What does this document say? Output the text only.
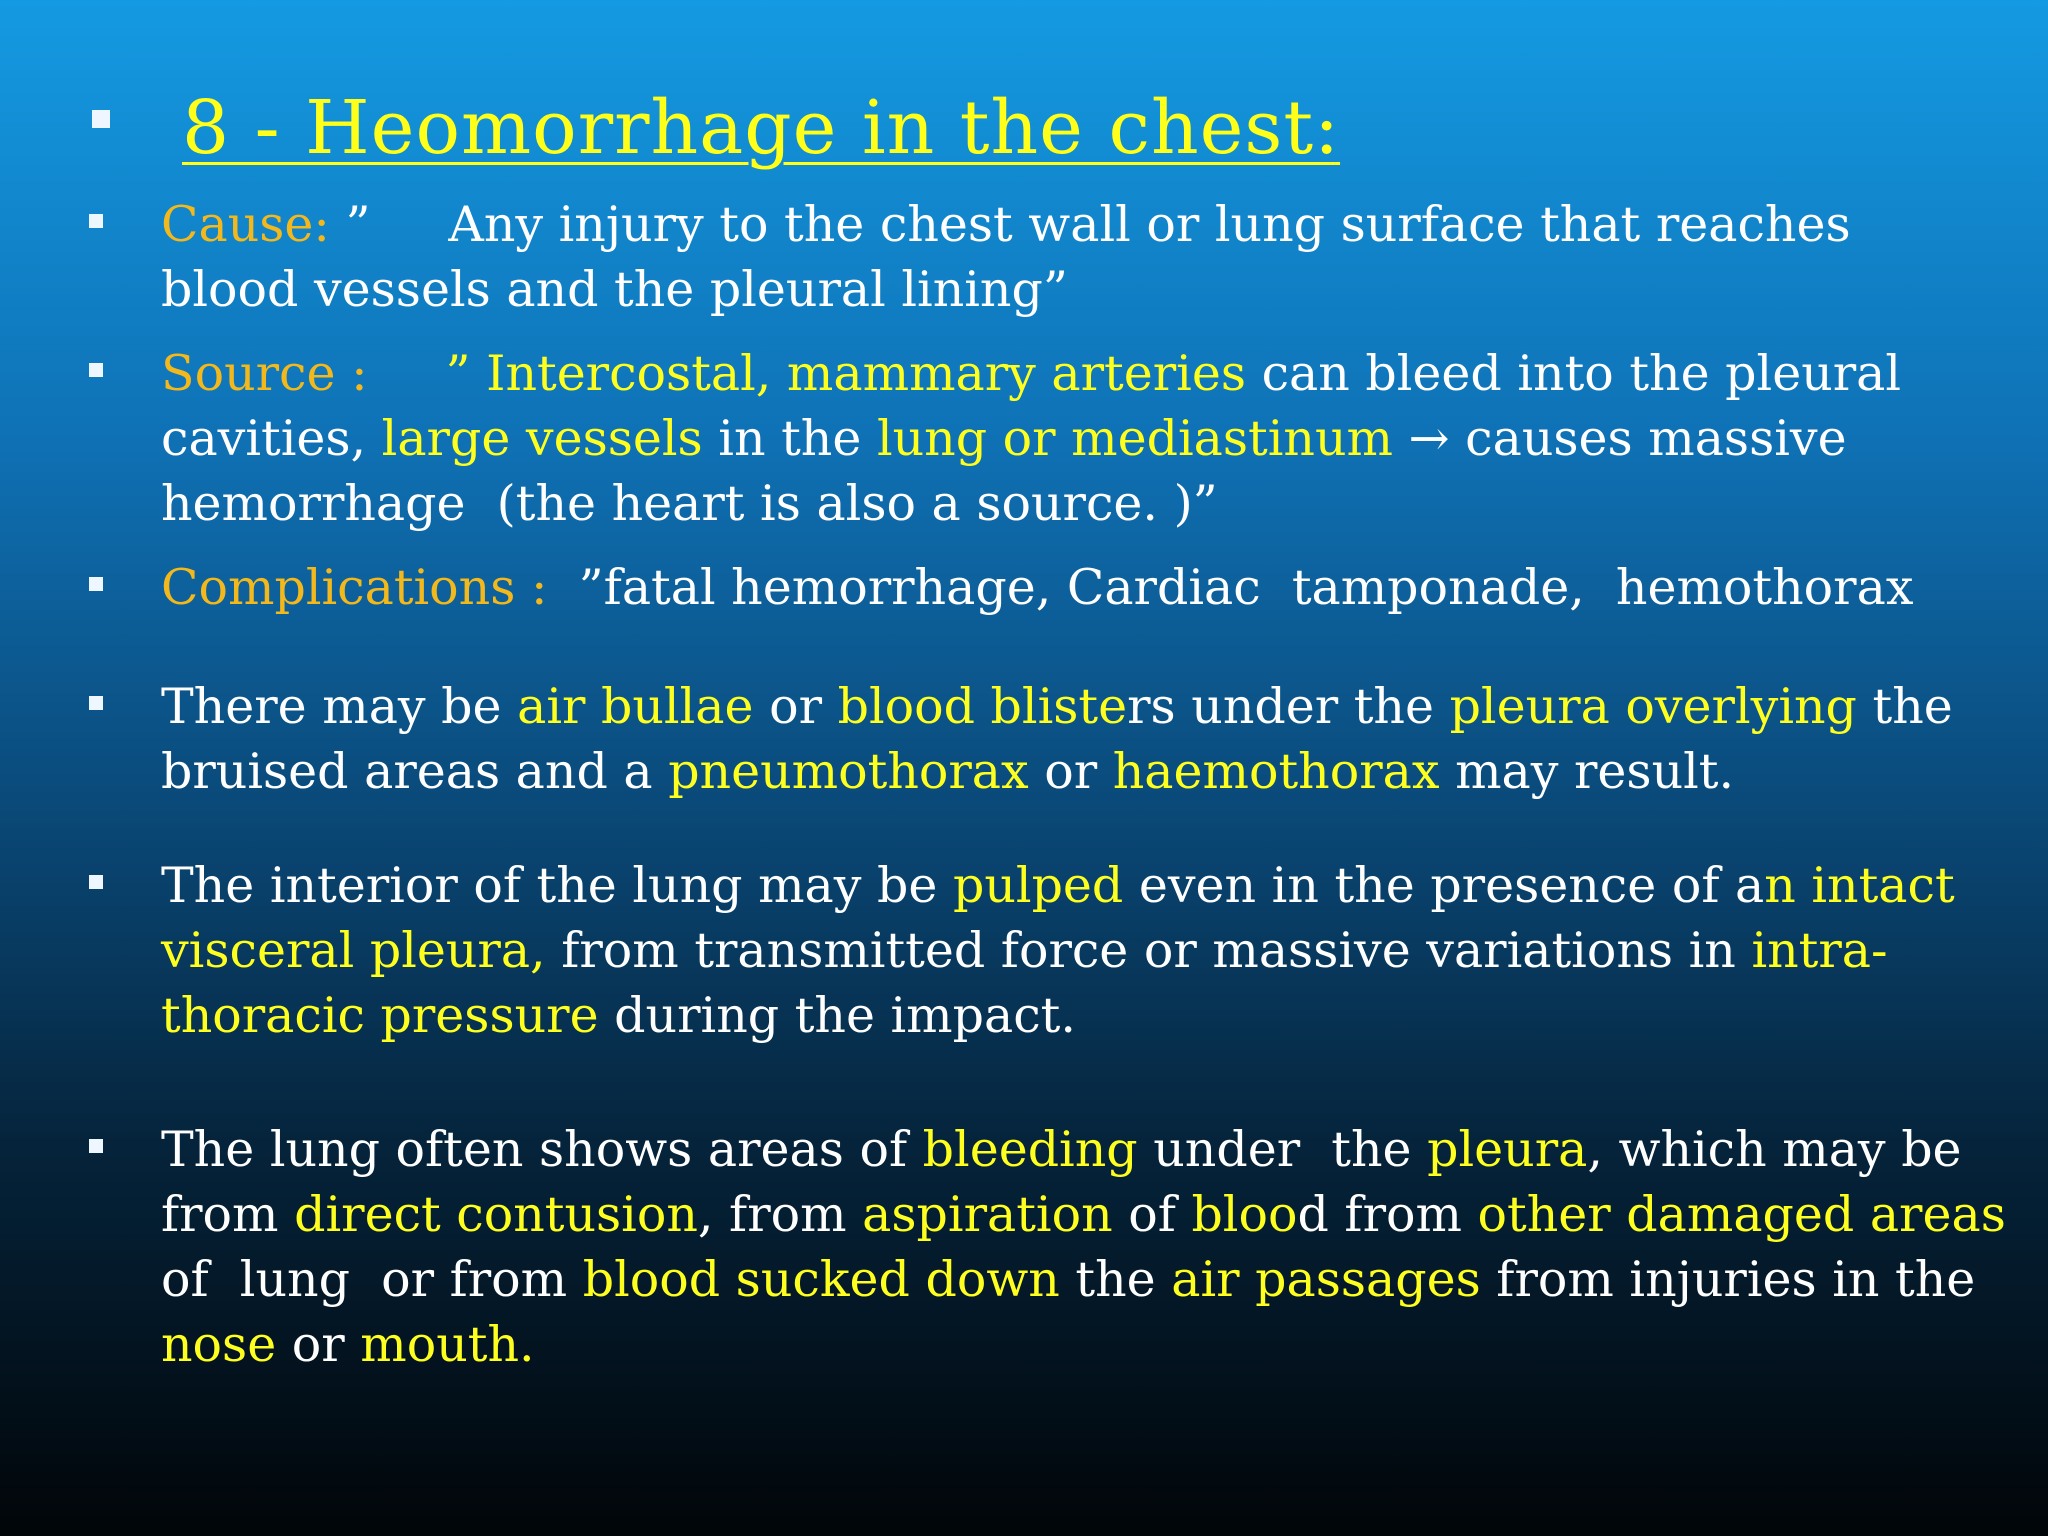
8 - Heomorrhage in the chest:

Cause: ”     Any injury to the chest wall or lung surface that reaches blood vessels and the pleural lining”

Source :     ” Intercostal, mammary arteries can bleed into the pleural cavities, large vessels in the lung or mediastinum → causes massive hemorrhage  (the heart is also a source. )”

Complications :  ”fatal hemorrhage, Cardiac  tamponade,  hemothorax

There may be air bullae or blood blisters under the pleura overlying the bruised areas and a pneumothorax or haemothorax may result.

The interior of the lung may be pulped even in the presence of an intact visceral pleura, from transmitted force or massive variations in intra-thoracic pressure during the impact.

The lung often shows areas of bleeding under  the pleura, which may be from direct contusion, from aspiration of blood from other damaged areas of  lung  or from blood sucked down the air passages from injuries in the nose or mouth.
